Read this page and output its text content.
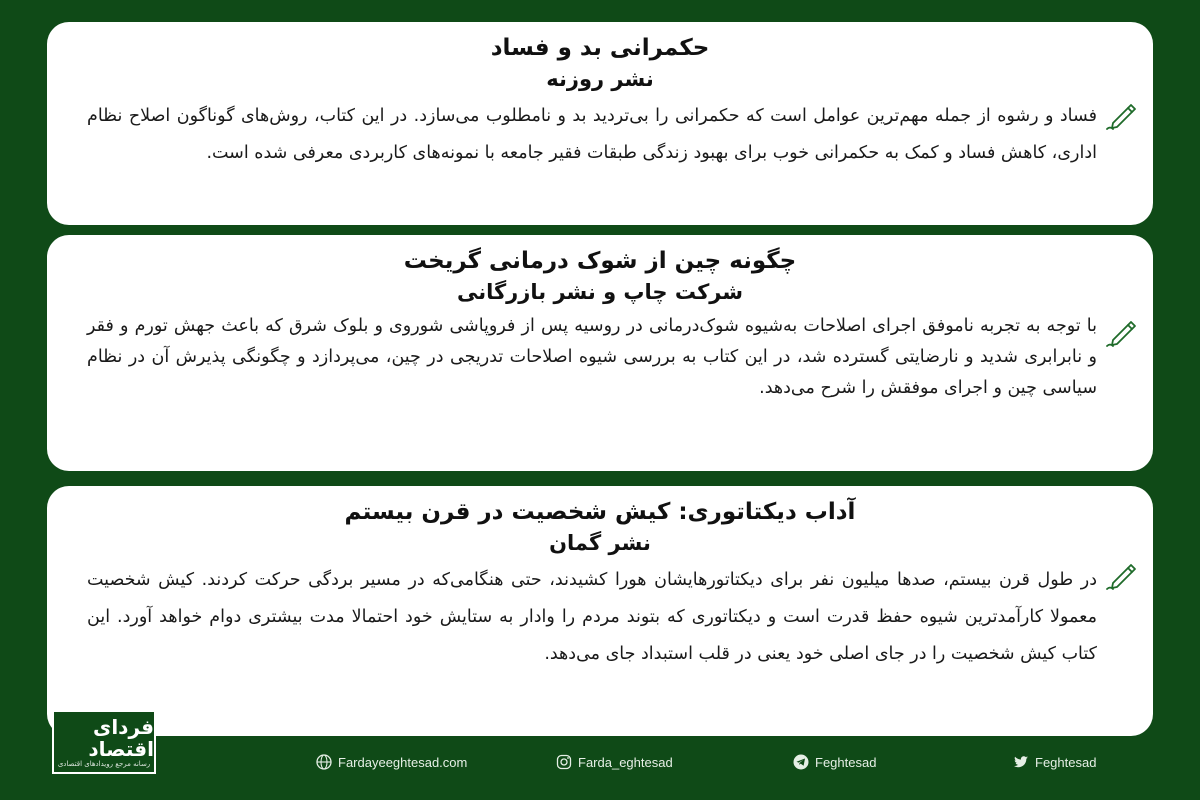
حکمرانی بد و فساد

نشر روزنه

فساد و رشوه از جمله مهم‌ترین عوامل است که حکمرانی را بی‌تردید بد و نامطلوب می‌سازد. در این کتاب، روش‌های گوناگون اصلاح نظام اداری، کاهش فساد و کمک به حکمرانی خوب برای بهبود زندگی طبقات فقیر جامعه با نمونه‌های کاربردی معرفی شده است.

چگونه چین از شوک درمانی گریخت

شرکت چاپ و نشر بازرگانی

با توجه به تجربه ناموفق اجرای اصلاحات به‌شیوه شوک‌درمانی در روسیه پس از فروپاشی شوروی و بلوک شرق که باعث جهش تورم و فقر و نابرابری شدید و نارضایتی گسترده شد، در این کتاب به بررسی شیوه اصلاحات تدریجی در چین، می‌پردازد و چگونگی پذیرش آن در نظام سیاسی چین و اجرای موفقش را شرح می‌دهد.

آداب دیکتاتوری: کیش شخصیت در قرن بیستم

نشر گمان

در طول قرن بیستم، صدها میلیون نفر برای دیکتاتورهایشان هورا کشیدند، حتی هنگامی‌که در مسیر بردگی حرکت کردند. کیش شخصیت معمولا کارآمدترین شیوه حفظ قدرت است و دیکتاتوری که بتوند مردم را وادار به ستایش خود احتمالا مدت بیشتری دوام خواهد آورد. این کتاب کیش شخصیت را در جای اصلی خود یعنی در قلب استبداد جای می‌دهد.

فردای اقتصاد
رسانه مرجع رویدادهای اقتصادی	Fardayeeghtesad.com	Farda_eghtesad	Feghtesad	Feghtesad
